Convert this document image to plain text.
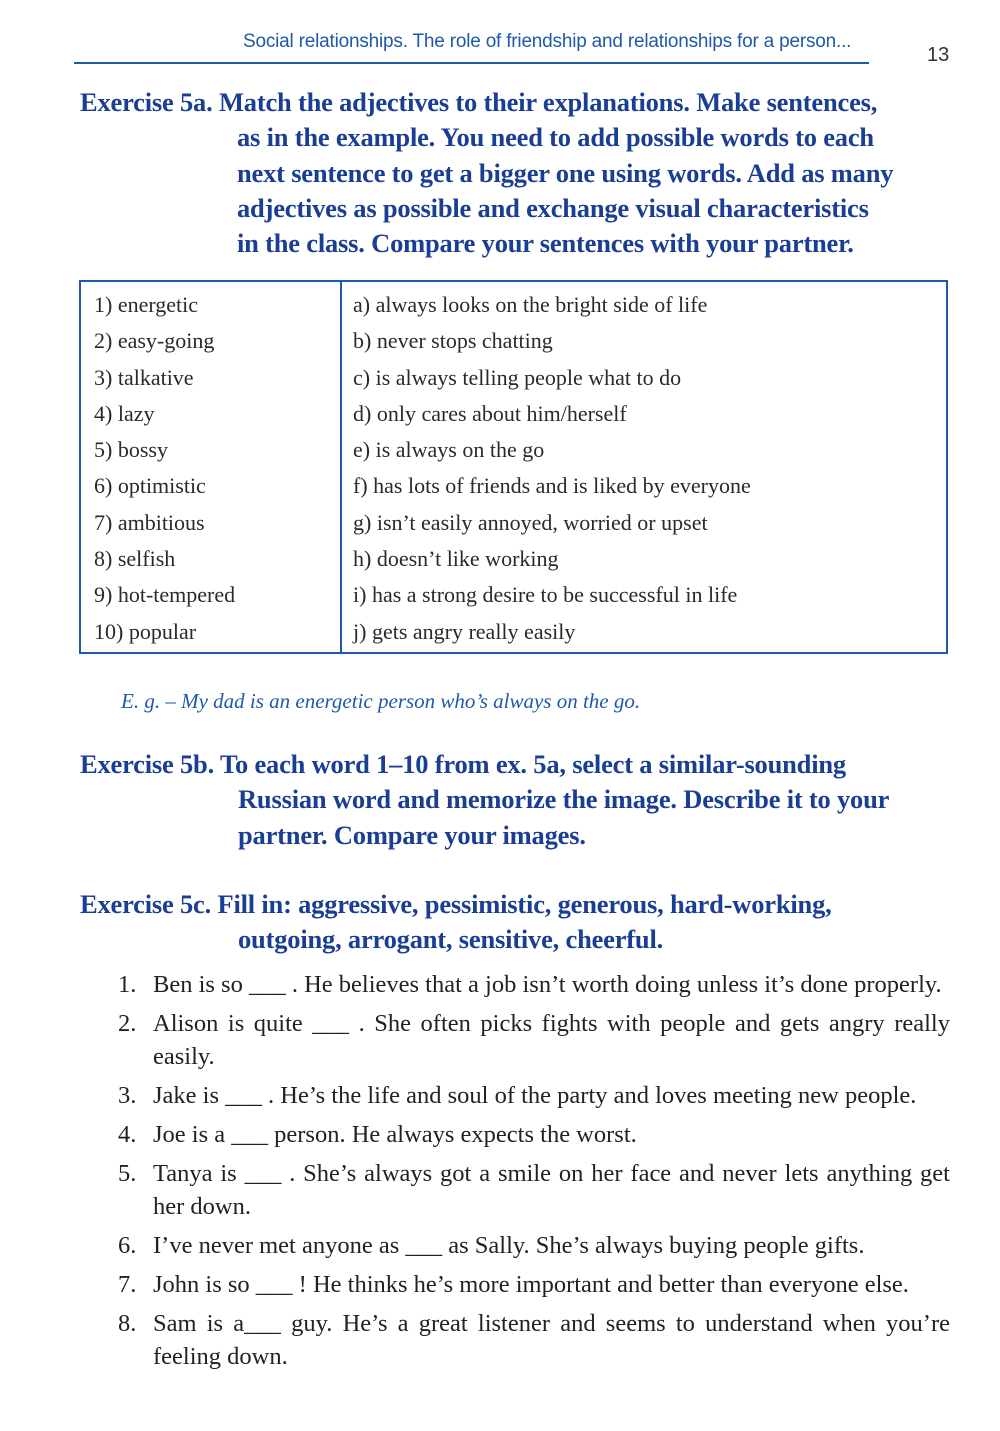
Social relationships. The role of friendship and relationships for a person...
13
Exercise 5a. Match the adjectives to their explanations. Make sentences,
as in the example. You need to add possible words to each
next sentence to get a bigger one using words. Add as many
adjectives as possible and exchange visual characteristics
in the class. Compare your sentences with your partner.
1) energetic
2) easy-going
3) talkative
4) lazy
5) bossy
6) optimistic
7) ambitious
8) selfish
9) hot-tempered
10) popular
a) always looks on the bright side of life
b) never stops chatting
c) is always telling people what to do
d) only cares about him/herself
e) is always on the go
f) has lots of friends and is liked by everyone
g) isn’t easily annoyed, worried or upset
h) doesn’t like working
i) has a strong desire to be successful in life
j) gets angry really easily
E. g. – My dad is an energetic person who’s always on the go.
Exercise 5b. To each word 1–10 from ex. 5a, select a similar-sounding
Russian word and memorize the image. Describe it to your
partner. Compare your images.
Exercise 5c. Fill in: aggressive, pessimistic, generous, hard-working,
outgoing, arrogant, sensitive, cheerful.
1. Ben is so ___ . He believes that a job isn’t worth doing unless it’s done properly.
2. Alison is quite ___ . She often picks fights with people and gets angry really easily.
3. Jake is ___ . He’s the life and soul of the party and loves meeting new people.
4. Joe is a ___ person. He always expects the worst.
5. Tanya is ___ . She’s always got a smile on her face and never lets anything get her down.
6. I’ve never met anyone as ___ as Sally. She’s always buying people gifts.
7. John is so ___ ! He thinks he’s more important and better than everyone else.
8. Sam is a___ guy. He’s a great listener and seems to understand when you’re feeling down.
